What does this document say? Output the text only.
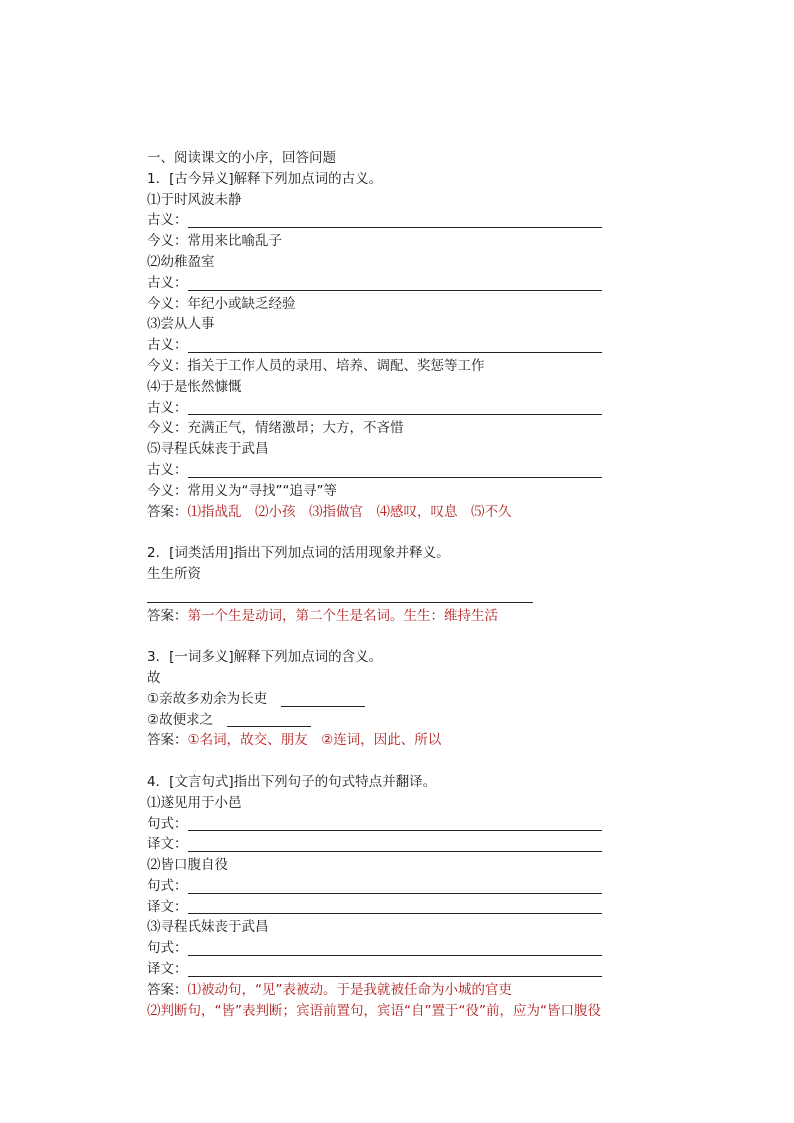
一、阅读课文的小序，回答问题
1．[古今异义]解释下列加点词的古义。
⑴于时风波未静
古义：
今义：常用来比喻乱子
⑵幼稚盈室
古义：
今义：年纪小或缺乏经验
⑶尝从人事
古义：
今义：指关于工作人员的录用、培养、调配、奖惩等工作
⑷于是怅然慷慨
古义：
今义：充满正气，情绪激昂；大方，不吝惜
⑸寻程氏妹丧于武昌
古义：
今义：常用义为“寻找”“追寻”等
答案：⑴指战乱　⑵小孩　⑶指做官　⑷感叹，叹息　⑸不久
2．[词类活用]指出下列加点词的活用现象并释义。
生生所资
答案：第一个生是动词，第二个生是名词。生生：维持生活
3．[一词多义]解释下列加点词的含义。
故
①亲故多劝余为长吏
②故便求之
答案：①名词，故交、朋友　 ②连词，因此、所以
4．[文言句式]指出下列句子的句式特点并翻译。
⑴遂见用于小邑
句式：
译文：
⑵皆口腹自役
句式：
译文：
⑶寻程氏妹丧于武昌
句式：
译文：
答案：⑴被动句，“见”表被动。于是我就被任命为小城的官吏
⑵判断句，“皆”表判断；宾语前置句，宾语“自”置于“役”前，应为“皆口腹役
